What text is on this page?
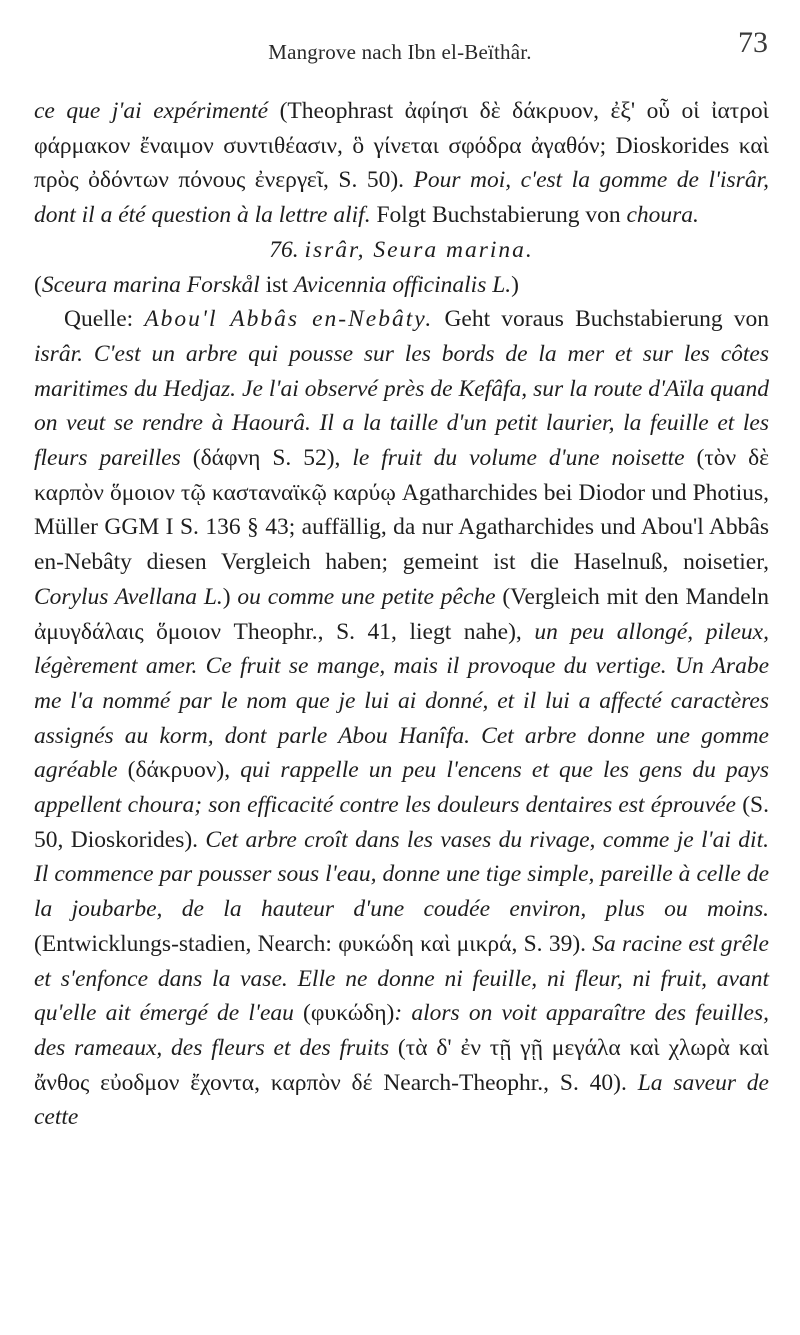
Mangrove nach Ibn el-Beïthâr.	73

ce que j'ai expérimenté (Theophrast ἀφίησι δὲ δάκρυον, ἐξ' οὗ οἱ ἰατροὶ φάρμακον ἔναιμον συντιθέασιν, ὃ γίνεται σφόδρα ἀγαθόν; Dioskorides καὶ πρὸς ὀδόντων πόνους ἐνεργεῖ, S. 50). Pour moi, c'est la gomme de l'isrâr, dont il a été question à la lettre alif. Folgt Buchstabierung von choura.

76. isrâr, Seura marina.

(Sceura marina Forskål ist Avicennia officinalis L.)

Quelle: Abou'l Abbâs en-Nebâty. Geht voraus Buchstabierung von isrâr. C'est un arbre qui pousse sur les bords de la mer et sur les côtes maritimes du Hedjaz. Je l'ai observé près de Kefâfa, sur la route d'Aïla quand on veut se rendre à Haourâ. Il a la taille d'un petit laurier, la feuille et les fleurs pareilles (δάφνη S. 52), le fruit du volume d'une noisette (τὸν δὲ καρπὸν ὅμοιον τῷ κασταναϊκῷ καρύῳ Agatharchides bei Diodor und Photius, Müller GGM I S. 136 § 43; auffällig, da nur Agatharchides und Abou'l Abbâs en-Nebâty diesen Vergleich haben; gemeint ist die Haselnuß, noisetier, Corylus Avellana L.) ou comme une petite pêche (Vergleich mit den Mandeln ἀμυγδάλαις ὅμοιον Theophr., S. 41, liegt nahe), un peu allongé, pileux, légèrement amer. Ce fruit se mange, mais il provoque du vertige. Un Arabe me l'a nommé par le nom que je lui ai donné, et il lui a affecté caractères assignés au korm, dont parle Abou Hanîfa. Cet arbre donne une gomme agréable (δάκρυον), qui rappelle un peu l'encens et que les gens du pays appellent choura; son efficacité contre les douleurs dentaires est éprouvée (S. 50, Dioskorides). Cet arbre croît dans les vases du rivage, comme je l'ai dit. Il commence par pousser sous l'eau, donne une tige simple, pareille à celle de la joubarbe, de la hauteur d'une coudée environ, plus ou moins. (Entwicklungs-stadien, Nearch: φυκώδη καὶ μικρά, S. 39). Sa racine est grêle et s'enfonce dans la vase. Elle ne donne ni feuille, ni fleur, ni fruit, avant qu'elle ait émergé de l'eau (φυκώδη): alors on voit apparaître des feuilles, des rameaux, des fleurs et des fruits (τὰ δ' ἐν τῇ γῇ μεγάλα καὶ χλωρὰ καὶ ἄνθος εὐοδμον ἔχοντα, καρπὸν δέ Nearch-Theophr., S. 40). La saveur de cette
